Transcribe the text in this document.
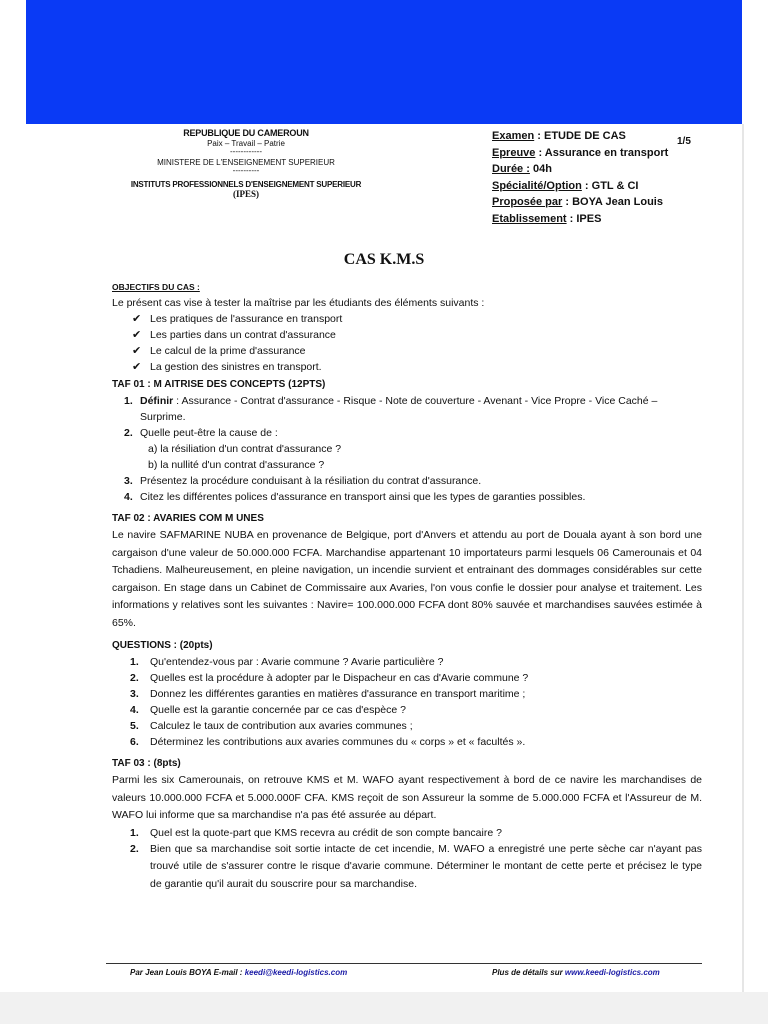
REPUBLIQUE DU CAMEROUN
Paix – Travail – Patrie
------------
MINISTERE DE L'ENSEIGNEMENT SUPERIEUR
----------
INSTITUTS PROFESSIONNELS D'ENSEIGNEMENT SUPERIEUR
(IPES)
Examen : ETUDE DE CAS
Epreuve : Assurance en transport
Durée : 04h
Spécialité/Option : GTL & CI
Proposée par : BOYA Jean Louis
Etablissement : IPES
1/5
CAS K.M.S
OBJECTIFS DU CAS :
Le présent cas vise à tester la maîtrise par les étudiants des éléments suivants :
✔ Les pratiques de l'assurance en transport
✔ Les parties dans un contrat d'assurance
✔ Le calcul de la prime d'assurance
✔ La gestion des sinistres en transport.
TAF 01 : M AITRISE DES CONCEPTS (12PTS)
1. Définir : Assurance - Contrat d'assurance - Risque - Note de couverture - Avenant - Vice Propre - Vice Caché – Surprime.
2. Quelle peut-être la cause de :
a) la résiliation d'un contrat d'assurance ?
b) la nullité d'un contrat d'assurance ?
3. Présentez la procédure conduisant à la résiliation du contrat d'assurance.
4. Citez les différentes polices d'assurance en transport ainsi que les types de garanties possibles.
TAF 02 : AVARIES COM M UNES
Le navire SAFMARINE NUBA en provenance de Belgique, port d'Anvers et attendu au port de Douala ayant à son bord une cargaison d'une valeur de 50.000.000 FCFA. Marchandise appartenant 10 importateurs parmi lesquels 06 Camerounais et 04 Tchadiens. Malheureusement, en pleine navigation, un incendie survient et entrainant des dommages considérables sur cette cargaison. En stage dans un Cabinet de Commissaire aux Avaries, l'on vous confie le dossier pour analyse et traitement. Les informations y relatives sont les suivantes : Navire= 100.000.000 FCFA dont 80% sauvée et marchandises sauvées estimée à 65%.
QUESTIONS : (20pts)
1. Qu'entendez-vous par : Avarie commune ? Avarie particulière ?
2. Quelles est la procédure à adopter par le Dispacheur en cas d'Avarie commune ?
3. Donnez les différentes garanties en matières d'assurance en transport maritime ;
4. Quelle est la garantie concernée par ce cas d'espèce ?
5. Calculez le taux de contribution aux avaries communes ;
6. Déterminez les contributions aux avaries communes du « corps » et « facultés ».
TAF 03 : (8pts)
Parmi les six Camerounais, on retrouve KMS et M. WAFO ayant respectivement à bord de ce navire les marchandises de valeurs 10.000.000 FCFA et 5.000.000F CFA. KMS reçoit de son Assureur la somme de 5.000.000 FCFA et l'Assureur de M. WAFO lui informe que sa marchandise n'a pas été assurée au départ.
1. Quel est la quote-part que KMS recevra au crédit de son compte bancaire ?
2. Bien que sa marchandise soit sortie intacte de cet incendie, M. WAFO a enregistré une perte sèche car n'ayant pas trouvé utile de s'assurer contre le risque d'avarie commune. Déterminer le montant de cette perte et précisez le type de garantie qu'il aurait du souscrire pour sa marchandise.
Par Jean Louis BOYA E-mail : keedi@keedi-logistics.com	Plus de détails sur www.keedi-logistics.com
